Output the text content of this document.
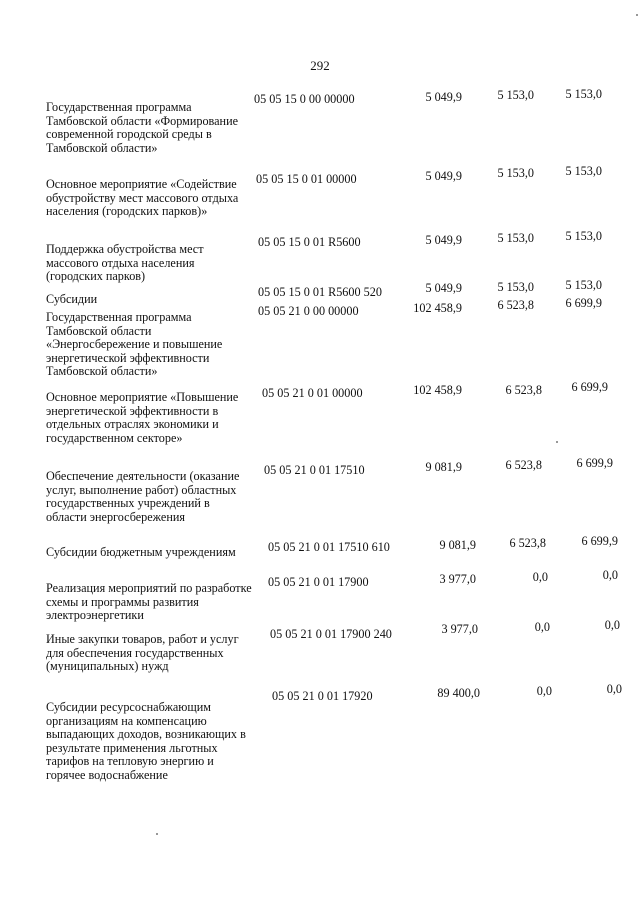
292
Государственная программа Тамбовской области «Формирование современной городской среды в Тамбовской области»
05 05 15 0 00 00000	5 049,9	5 153,0	5 153,0
Основное мероприятие «Содействие обустройству мест массового отдыха населения (городских парков)»
05 05 15 0 01 00000	5 049,9	5 153,0	5 153,0
Поддержка обустройства мест массового отдыха населения (городских парков)
05 05 15 0 01 R5600	5 049,9	5 153,0	5 153,0
Субсидии	05 05 15 0 01 R5600 520	5 049,9	5 153,0	5 153,0
Государственная программа Тамбовской области «Энергосбережение и повышение энергетической эффективности Тамбовской области»
05 05 21 0 00 00000	102 458,9	6 523,8	6 699,9
Основное мероприятие «Повышение энергетической эффективности в отдельных отраслях экономики и государственном секторе»
05 05 21 0 01 00000	102 458,9	6 523,8	6 699,9
Обеспечение деятельности (оказание услуг, выполнение работ) областных государственных учреждений в области энергосбережения
05 05 21 0 01 17510	9 081,9	6 523,8	6 699,9
Субсидии бюджетным учреждениям	05 05 21 0 01 17510 610	9 081,9	6 523,8	6 699,9
Реализация мероприятий по разработке схемы и программы развития электроэнергетики
05 05 21 0 01 17900	3 977,0	0,0	0,0
Иные закупки товаров, работ и услуг для обеспечения государственных (муниципальных) нужд
05 05 21 0 01 17900 240	3 977,0	0,0	0,0
Субсидии ресурсоснабжающим организациям на компенсацию выпадающих доходов, возникающих в результате применения льготных тарифов на тепловую энергию и горячее водоснабжение
05 05 21 0 01 17920	89 400,0	0,0	0,0
